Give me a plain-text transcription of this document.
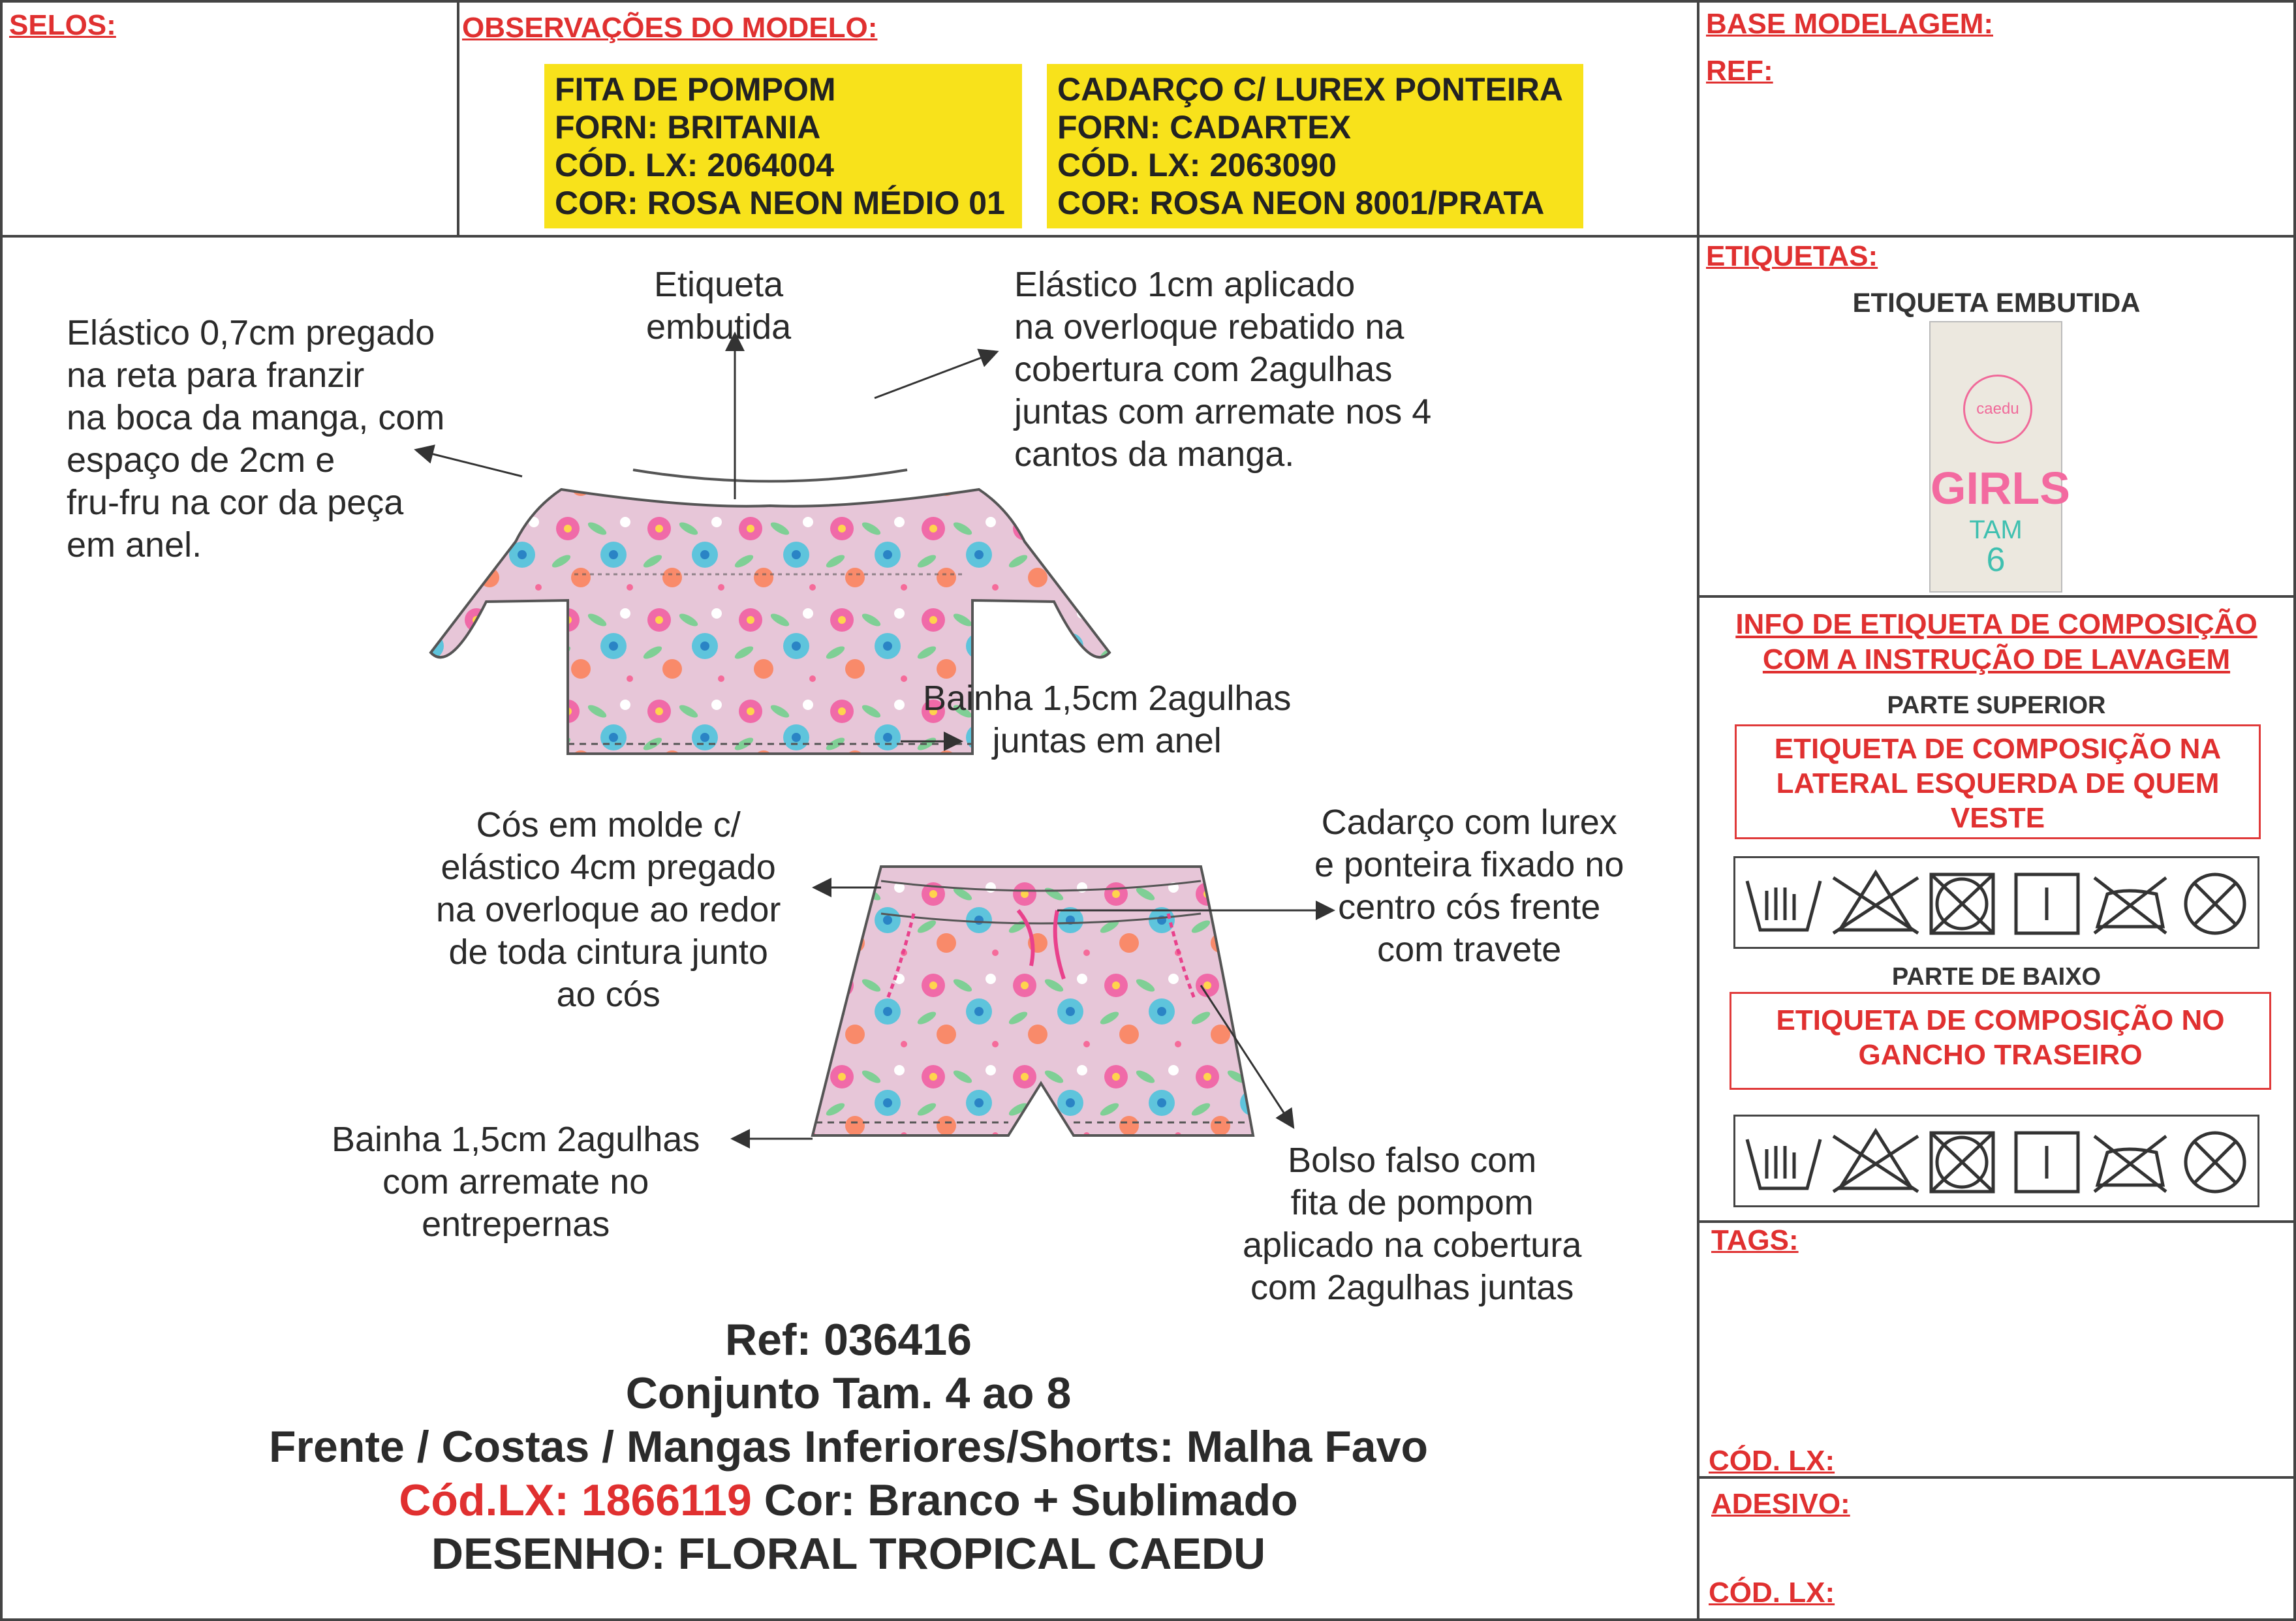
SELOS:	OBSERVAÇÕES DO MODELO:	BASE MODELAGEM:
REF:
FITA DE POMPOM
FORN: BRITANIA
CÓD. LX: 2064004
COR: ROSA NEON MÉDIO 01
CADARÇO C/ LUREX PONTEIRA
FORN: CADARTEX
CÓD. LX: 2063090
COR: ROSA NEON 8001/PRATA
Etiqueta
embutida
Elástico 0,7cm pregado
na reta para franzir
na boca da manga, com
espaço de 2cm e
fru-fru na cor da peça
em anel.
Elástico 1cm aplicado
na overloque rebatido na
cobertura com 2agulhas
juntas com arremate nos 4
cantos da manga.
Bainha 1,5cm 2agulhas
juntas em anel
Cós em molde c/
elástico 4cm pregado
na overloque ao redor
de toda cintura junto
ao cós
Cadarço com lurex
e ponteira fixado no
centro cós frente
com travete
Bainha 1,5cm 2agulhas
com arremate no
entrepernas
Bolso falso com
fita de pompom
aplicado na cobertura
com 2agulhas juntas
Ref: 036416
Conjunto Tam. 4 ao 8
Frente / Costas / Mangas Inferiores/Shorts: Malha Favo
Cód.LX: 1866119 Cor: Branco + Sublimado
DESENHO: FLORAL TROPICAL CAEDU
ETIQUETAS:
ETIQUETA EMBUTIDA
caedu
GIRLS
TAM
6
INFO DE ETIQUETA DE COMPOSIÇÃO
COM A INSTRUÇÃO DE LAVAGEM
PARTE SUPERIOR
ETIQUETA DE COMPOSIÇÃO NA
LATERAL ESQUERDA DE QUEM
VESTE
PARTE DE BAIXO
ETIQUETA DE COMPOSIÇÃO NO
GANCHO TRASEIRO
TAGS:
CÓD. LX:
ADESIVO:
CÓD. LX:
